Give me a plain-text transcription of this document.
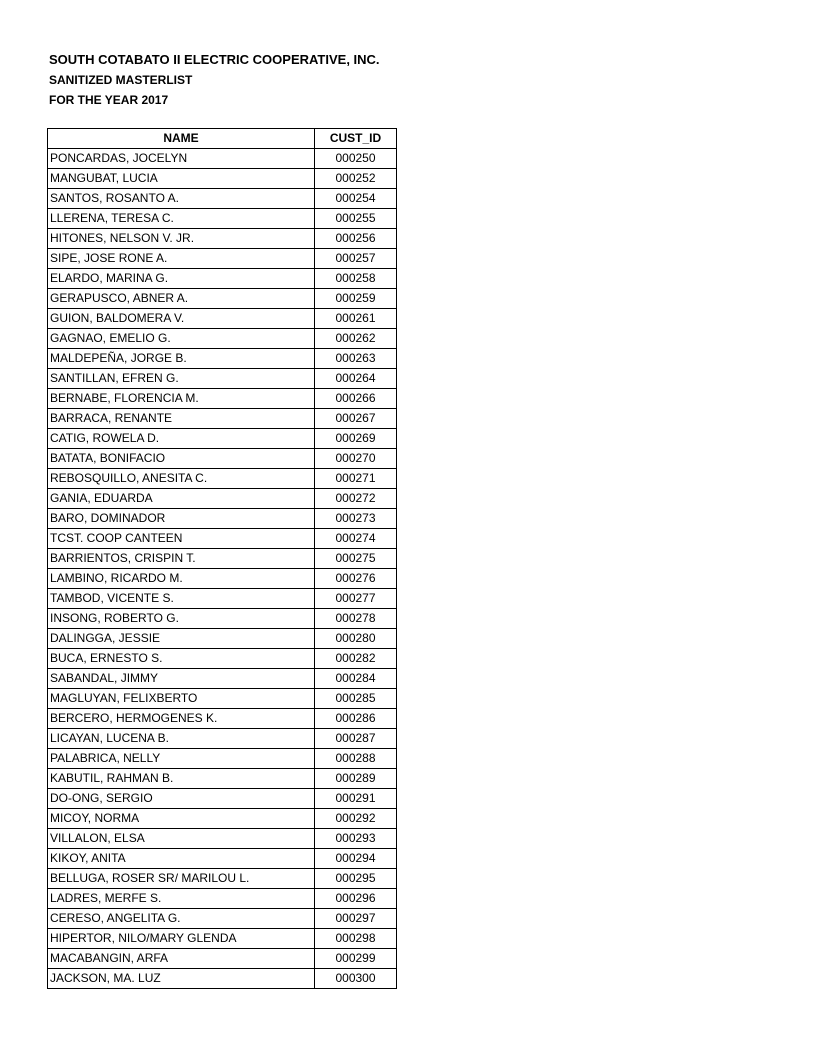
SOUTH COTABATO II ELECTRIC COOPERATIVE, INC.
SANITIZED MASTERLIST
FOR THE YEAR 2017
NAME	CUST_ID
PONCARDAS, JOCELYN	000250
MANGUBAT, LUCIA	000252
SANTOS, ROSANTO A.	000254
LLERENA, TERESA C.	000255
HITONES, NELSON V. JR.	000256
SIPE, JOSE RONE A.	000257
ELARDO, MARINA G.	000258
GERAPUSCO, ABNER A.	000259
GUION, BALDOMERA V.	000261
GAGNAO, EMELIO G.	000262
MALDEPEÑA, JORGE B.	000263
SANTILLAN, EFREN G.	000264
BERNABE, FLORENCIA M.	000266
BARRACA, RENANTE	000267
CATIG, ROWELA D.	000269
BATATA, BONIFACIO	000270
REBOSQUILLO, ANESITA C.	000271
GANIA, EDUARDA	000272
BARO, DOMINADOR	000273
TCST. COOP CANTEEN	000274
BARRIENTOS, CRISPIN T.	000275
LAMBINO, RICARDO M.	000276
TAMBOD, VICENTE S.	000277
INSONG, ROBERTO G.	000278
DALINGGA, JESSIE	000280
BUCA, ERNESTO S.	000282
SABANDAL, JIMMY	000284
MAGLUYAN, FELIXBERTO	000285
BERCERO, HERMOGENES K.	000286
LICAYAN, LUCENA B.	000287
PALABRICA, NELLY	000288
KABUTIL, RAHMAN B.	000289
DO-ONG, SERGIO	000291
MICOY, NORMA	000292
VILLALON, ELSA	000293
KIKOY, ANITA	000294
BELLUGA, ROSER SR/ MARILOU L.	000295
LADRES, MERFE S.	000296
CERESO, ANGELITA G.	000297
HIPERTOR, NILO/MARY GLENDA	000298
MACABANGIN, ARFA	000299
JACKSON, MA. LUZ	000300
